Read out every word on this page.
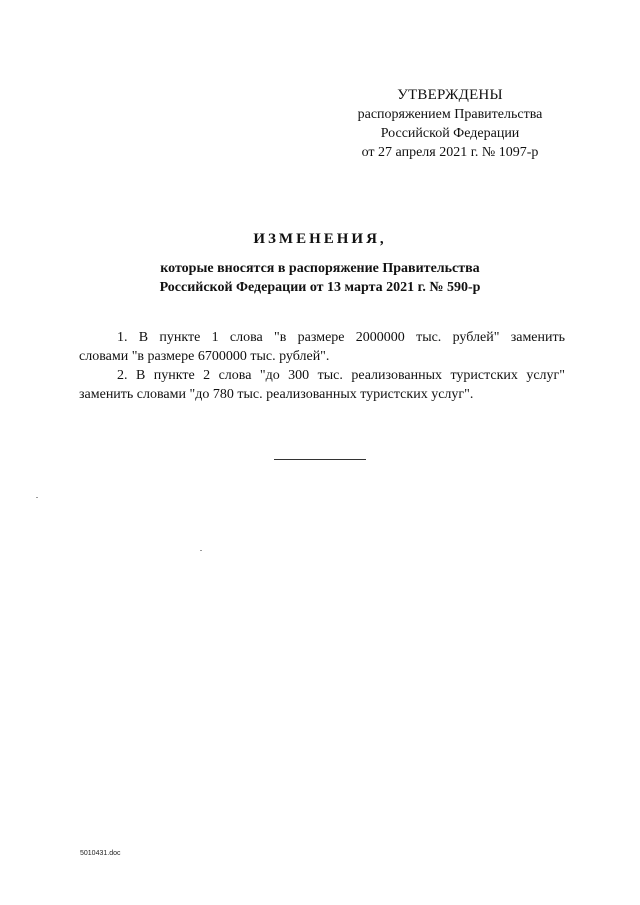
УТВЕРЖДЕНЫ
распоряжением Правительства
Российской Федерации
от 27 апреля 2021 г. № 1097-р
ИЗМЕНЕНИЯ,
которые вносятся в распоряжение Правительства
Российской Федерации от 13 марта 2021 г. № 590-р

1. В пункте 1 слова "в размере 2000000 тыс. рублей" заменить
словами "в размере 6700000 тыс. рублей".

2. В пункте 2 слова "до 300 тыс. реализованных туристских услуг"
заменить словами "до 780 тыс. реализованных туристских услуг".

5010431.doc
